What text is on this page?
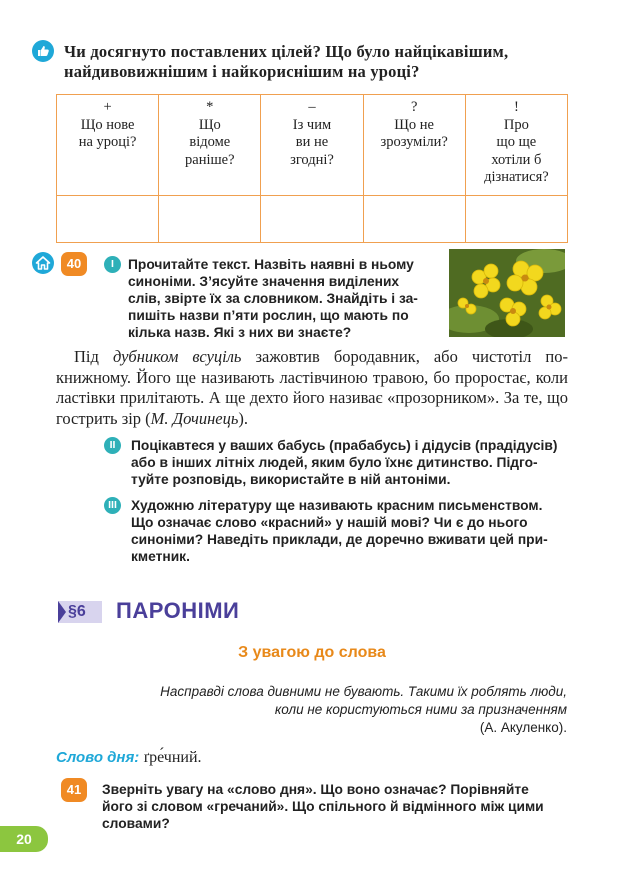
Чи досягнуто поставлених цілей? Що було найцікавішим, найдивовижнішим і найкориснішим на уроці?
+
Що нове
на уроці?	*
Що
відоме
раніше?	–
Із чим
ви не
згодні?	?
Що не
зрозуміли?	!
Про
що ще
хотіли б
дізнатися?

40	I	Прочитайте текст. Назвіть наявні в ньому
синоніми. З’ясуйте значення виділених
слів, звірте їх за словником. Знайдіть і за-
пишіть назви п’яти рослин, що мають по
кілька назв. Які з них ви знаєте?
Під дубником всуціль зажовтив бородавник, або чистотіл по-книжному. Його ще називають ластівчиною травою, бо проростає, коли ластівки прилітають. А ще дехто його називає «прозорником». За те, що гострить зір (М. Дочинець).
II	Поцікавтеся у ваших бабусь (прабабусь) і дідусів (прадідусів)
або в інших літніх людей, яким було їхнє дитинство. Підго-
туйте розповідь, використайте в ній антоніми.
III Художню літературу ще називають красним письменством.
Що означає слово «красний» у нашій мові? Чи є до нього
синоніми? Наведіть приклади, де доречно вживати цей при-
кметник.
§6	ПАРОНІМИ
З увагою до слова
Насправді слова дивними не бувають. Такими їх роблять люди,
коли не користуються ними за призначенням
(А. Акуленко).
Слово дня: ґре́чний.
41	Зверніть увагу на «слово дня». Що воно означає? Порівняйте
його зі словом «гречаний». Що спільного й відмінного між цими
словами?
20
